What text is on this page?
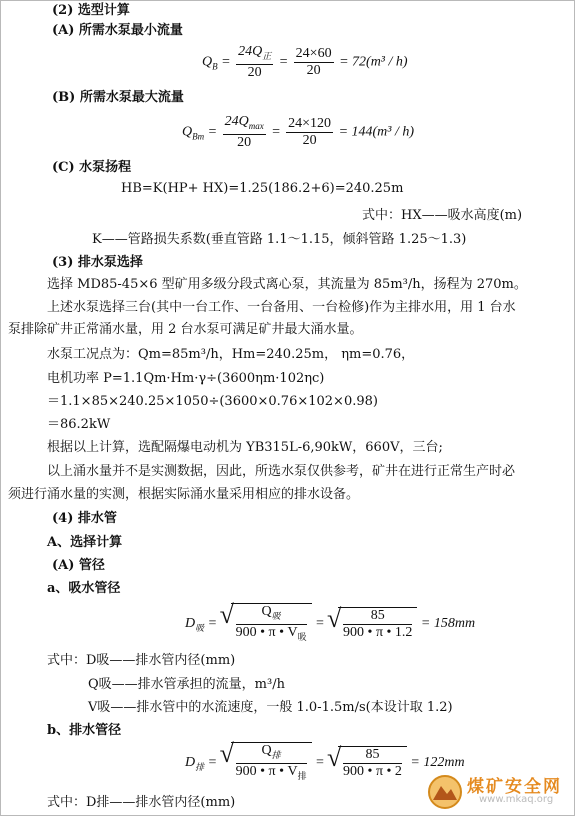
(2) 选型计算
(A) 所需水泵最小流量
$Q_B = \frac{24Q_正}{20} = \frac{24\times 60}{20} = 72(m^3 / h)$
(B) 所需水泵最大流量
$Q_{Bm} = \frac{24Q_{max}}{20} = \frac{24\times 120}{20} = 144(m^3 / h)$
(C) 水泵扬程
HB=K(HP+ HX)=1.25(186.2+6)=240.25m
式中：HX——吸水高度(m)
K——管路损失系数(垂直管路 1.1～1.15，倾斜管路 1.25～1.3)
(3) 排水泵选择
选择 MD85-45×6 型矿用多级分段式离心泵，其流量为 85m³/h，扬程为 270m。
上述水泵选择三台(其中一台工作、一台备用、一台检修)作为主排水用，用 1 台水
泵排除矿井正常涌水量，用 2 台水泵可满足矿井最大涌水量。
水泵工况点为：Qm=85m³/h，Hm=240.25m， ηm=0.76，
电机功率 P=1.1Qm·Hm·γ÷(3600ηm·102ηc)
＝1.1×85×240.25×1050÷(3600×0.76×102×0.98)
＝86.2kW
根据以上计算，选配隔爆电动机为 YB315L-6,90kW，660V，三台;
以上涌水量并不是实测数据，因此，所选水泵仅供参考，矿井在进行正常生产时必
须进行涌水量的实测，根据实际涌水量采用相应的排水设备。
(4) 排水管
A、选择计算
(A) 管径
a、吸水管径
$D_吸$ = √ $\frac{Q_吸}{900 • \pi • V_吸}$ = √ $\frac{85}{900 • \pi • 1.2} = 158mm$
式中：D吸——排水管内径(mm)
Q吸——排水管承担的流量，m³/h
V吸——排水管中的水流速度，一般 1.0-1.5m/s(本设计取 1.2)
b、排水管径
$D_排$ = √ $\frac{Q_排}{900 • \pi • V_排}$ = √ $\frac{85}{900 • \pi • 2} = 122mm$
式中：D排——排水管内径(mm)
煤矿安全网
www.mkaq.org
